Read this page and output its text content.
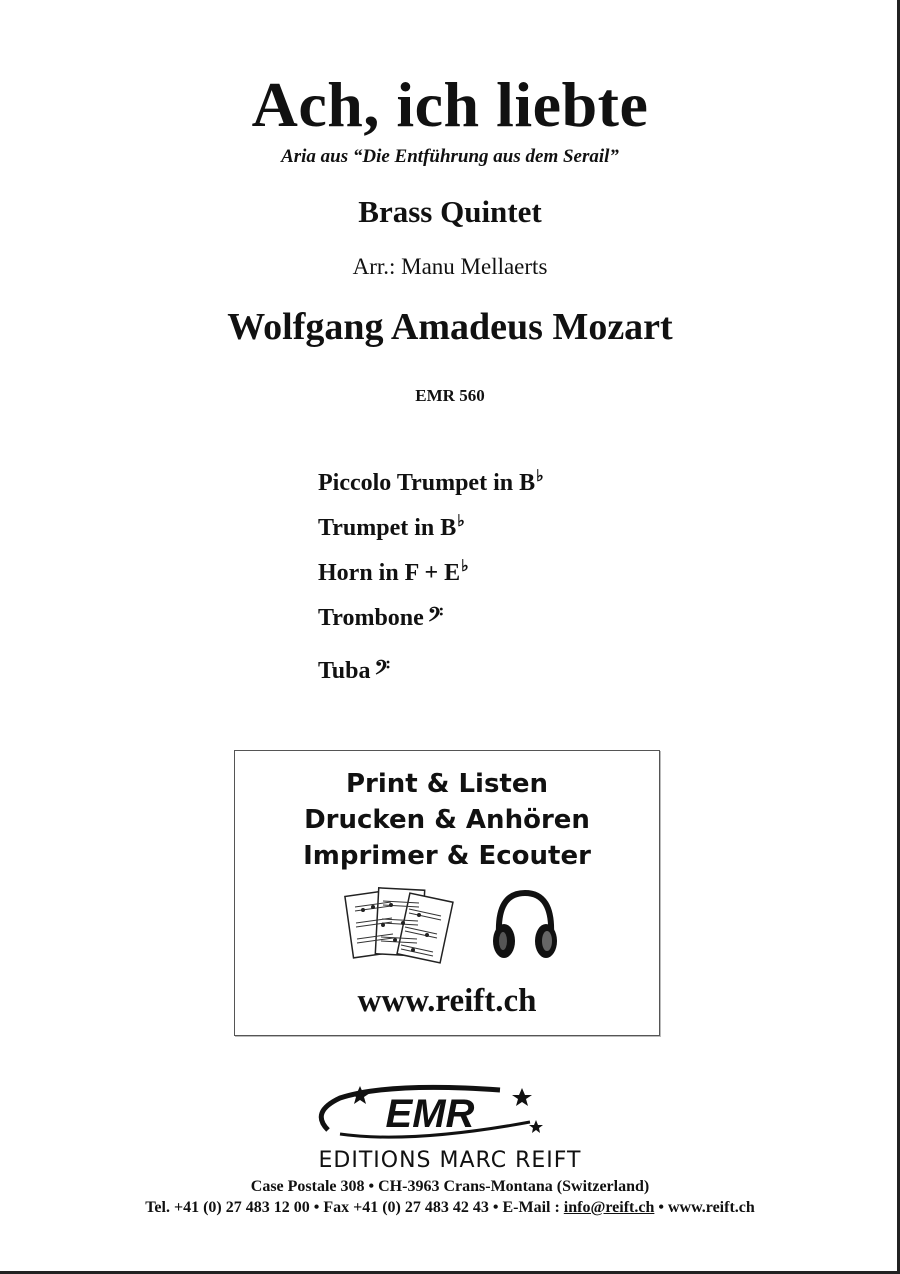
Ach, ich liebte
Aria aus “Die Entführung aus dem Serail”
Brass Quintet
Arr.: Manu Mellaerts
Wolfgang Amadeus Mozart
EMR 560
Piccolo Trumpet in B ♭
Trumpet in B ♭
Horn in F + E ♭
Trombone 𝄢
Tuba 𝄢
Print & Listen
Drucken & Anhören
Imprimer & Ecouter
www.reift.ch
EMR
EDITIONS MARC REIFT
Case Postale 308 • CH-3963 Crans-Montana (Switzerland)
Tel. +41 (0) 27 483 12 00 • Fax +41 (0) 27 483 42 43 • E-Mail : info@reift.ch • www.reift.ch
